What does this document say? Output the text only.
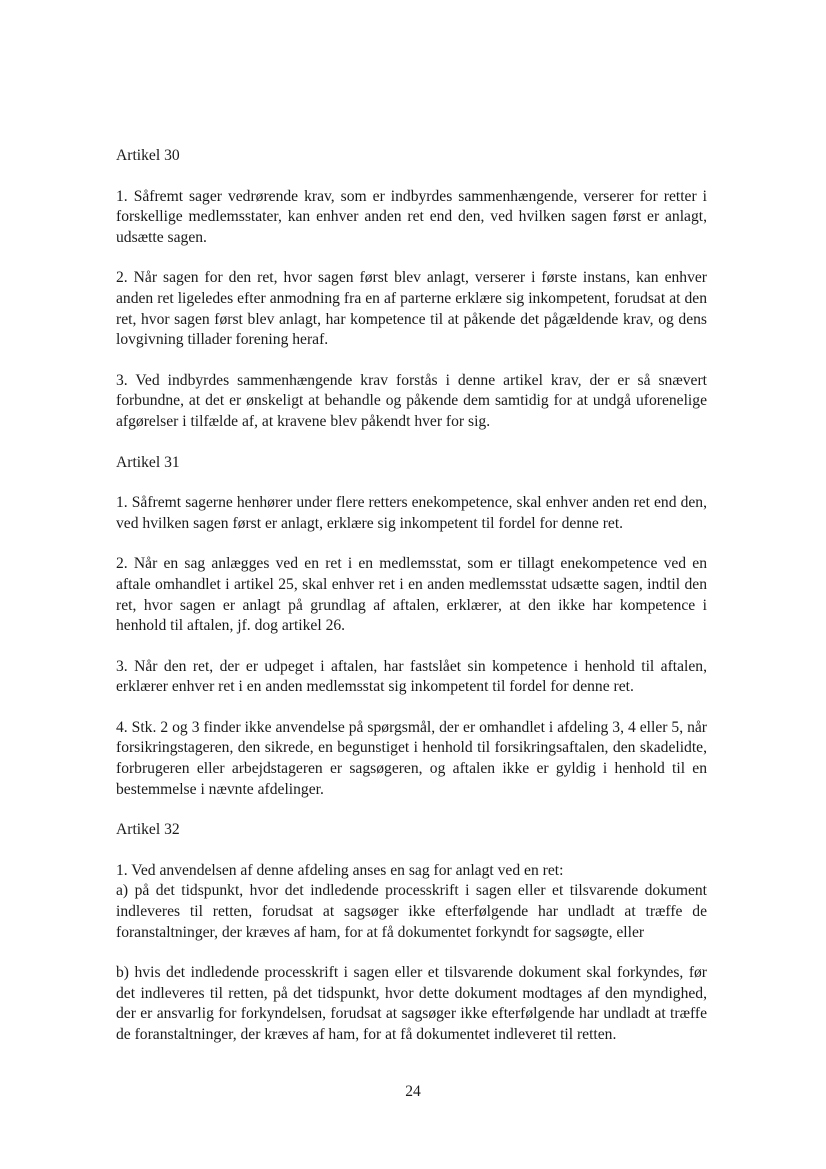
Artikel 30

1. Såfremt sager vedrørende krav, som er indbyrdes sammenhængende, verserer for retter i forskellige medlemsstater, kan enhver anden ret end den, ved hvilken sagen først er anlagt, udsætte sagen.

2. Når sagen for den ret, hvor sagen først blev anlagt, verserer i første instans, kan enhver anden ret ligeledes efter anmodning fra en af parterne erklære sig inkompetent, forudsat at den ret, hvor sagen først blev anlagt, har kompetence til at påkende det pågældende krav, og dens lovgivning tillader forening heraf.

3. Ved indbyrdes sammenhængende krav forstås i denne artikel krav, der er så snævert forbundne, at det er ønskeligt at behandle og påkende dem samtidig for at undgå uforenelige afgørelser i tilfælde af, at kravene blev påkendt hver for sig.

Artikel 31

1. Såfremt sagerne henhører under flere retters enekompetence, skal enhver anden ret end den, ved hvilken sagen først er anlagt, erklære sig inkompetent til fordel for denne ret.

2. Når en sag anlægges ved en ret i en medlemsstat, som er tillagt enekompetence ved en aftale omhandlet i artikel 25, skal enhver ret i en anden medlemsstat udsætte sagen, indtil den ret, hvor sagen er anlagt på grundlag af aftalen, erklærer, at den ikke har kompetence i henhold til aftalen, jf. dog artikel 26.

3. Når den ret, der er udpeget i aftalen, har fastslået sin kompetence i henhold til aftalen, erklærer enhver ret i en anden medlemsstat sig inkompetent til fordel for denne ret.

4. Stk. 2 og 3 finder ikke anvendelse på spørgsmål, der er omhandlet i afdeling 3, 4 eller 5, når forsikringstageren, den sikrede, en begunstiget i henhold til forsikringsaftalen, den skadelidte, forbrugeren eller arbejdstageren er sagsøgeren, og aftalen ikke er gyldig i henhold til en bestemmelse i nævnte afdelinger.

Artikel 32

1. Ved anvendelsen af denne afdeling anses en sag for anlagt ved en ret:

a) på det tidspunkt, hvor det indledende processkrift i sagen eller et tilsvarende dokument indleveres til retten, forudsat at sagsøger ikke efterfølgende har undladt at træffe de foranstaltninger, der kræves af ham, for at få dokumentet forkyndt for sagsøgte, eller

b) hvis det indledende processkrift i sagen eller et tilsvarende dokument skal forkyndes, før det indleveres til retten, på det tidspunkt, hvor dette dokument modtages af den myndighed, der er ansvarlig for forkyndelsen, forudsat at sagsøger ikke efterfølgende har undladt at træffe de foranstaltninger, der kræves af ham, for at få dokumentet indleveret til retten.

24
